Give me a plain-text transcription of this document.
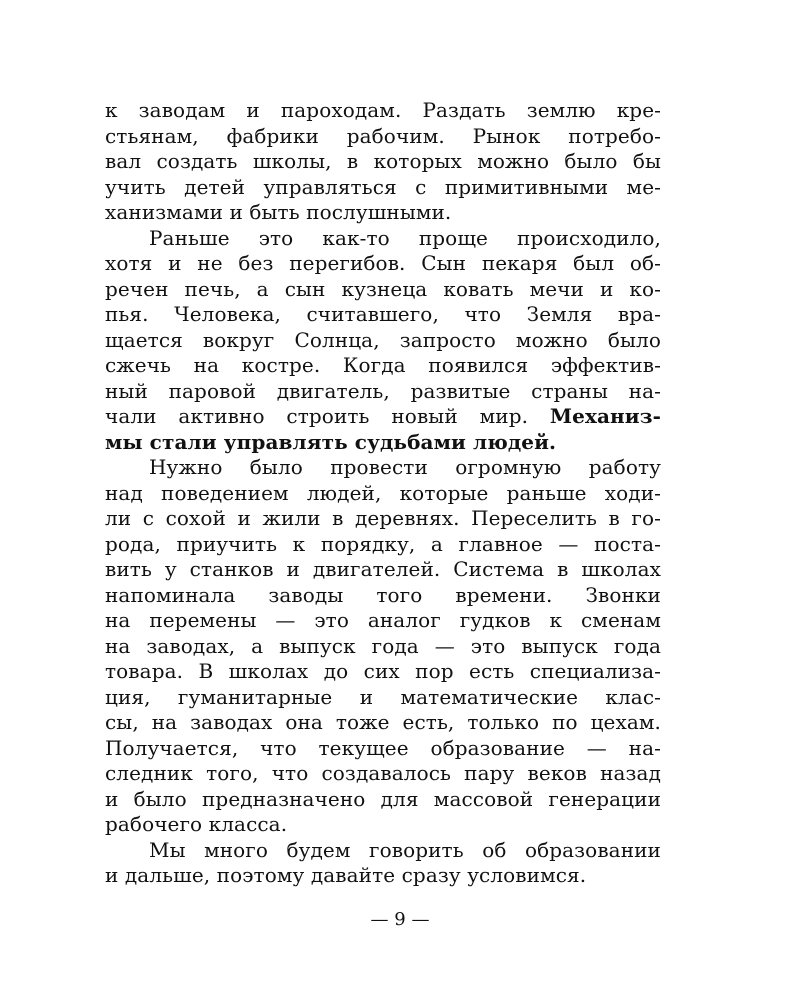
к заводам и пароходам. Раздать землю кре-
стьянам, фабрики рабочим. Рынок потребо-
вал создать школы, в которых можно было бы
учить детей управляться с примитивными ме-
ханизмами и быть послушными.
Раньше это как-то проще происходило,
хотя и не без перегибов. Сын пекаря был об-
речен печь, а сын кузнеца ковать мечи и ко-
пья. Человека, считавшего, что Земля вра-
щается вокруг Солнца, запросто можно было
сжечь на костре. Когда появился эффектив-
ный паровой двигатель, развитые страны на-
чали активно строить новый мир. Механиз-
мы стали управлять судьбами людей.
Нужно было провести огромную работу
над поведением людей, которые раньше ходи-
ли с сохой и жили в деревнях. Переселить в го-
рода, приучить к порядку, а главное — поста-
вить у станков и двигателей. Система в школах
напоминала заводы того времени. Звонки
на перемены — это аналог гудков к сменам
на заводах, а выпуск года — это выпуск года
товара. В школах до сих пор есть специализа-
ция, гуманитарные и математические клас-
сы, на заводах она тоже есть, только по цехам.
Получается, что текущее образование — на-
следник того, что создавалось пару веков назад
и было предназначено для массовой генерации
рабочего класса.
Мы много будем говорить об образовании
и дальше, поэтому давайте сразу условимся.
— 9 —
